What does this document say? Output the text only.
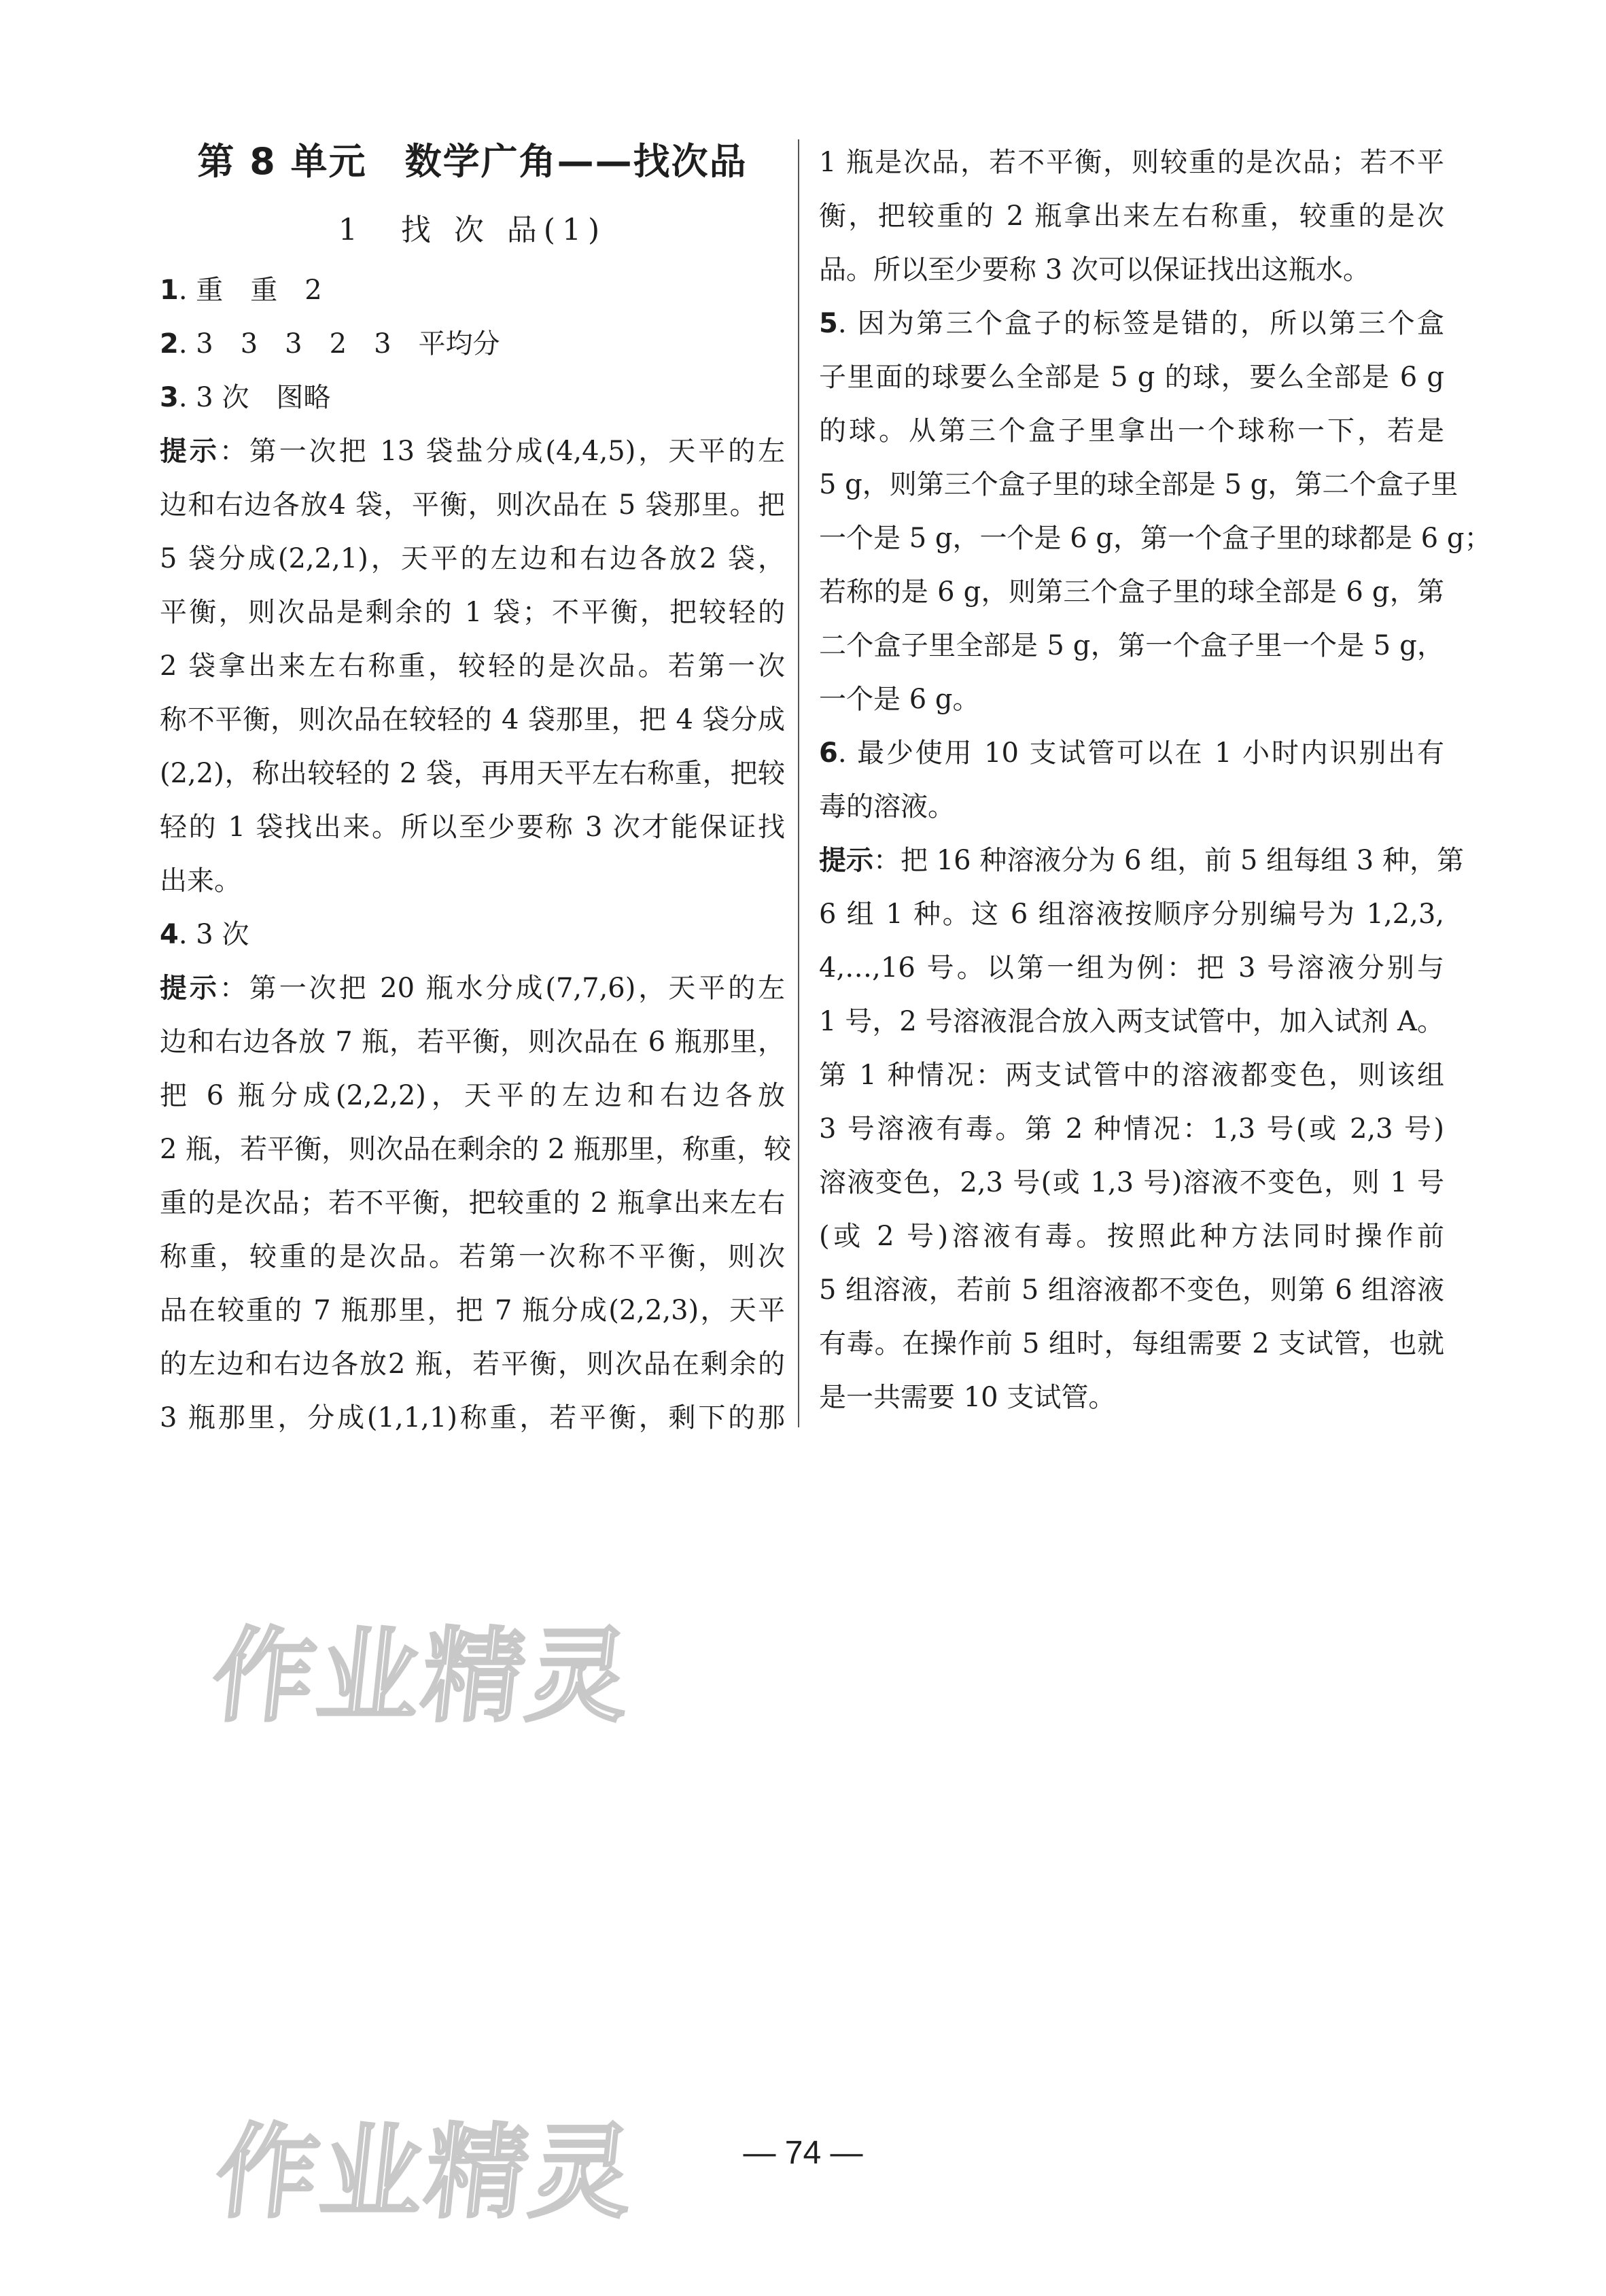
第 8 单元　数学广角——找次品
1　找 次 品(1)
1. 重　重　2
2. 3　3　3　2　3　平均分
3. 3 次　图略
提示：第一次把 13 袋盐分成(4,4,5)，天平的左
边和右边各放4 袋，平衡，则次品在 5 袋那里。把
5 袋分成(2,2,1)，天平的左边和右边各放2 袋，
平衡，则次品是剩余的 1 袋；不平衡，把较轻的
2 袋拿出来左右称重，较轻的是次品。若第一次
称不平衡，则次品在较轻的 4 袋那里，把 4 袋分成
(2,2)，称出较轻的 2 袋，再用天平左右称重，把较
轻的 1 袋找出来。所以至少要称 3 次才能保证找
出来。
4. 3 次
提示：第一次把 20 瓶水分成(7,7,6)，天平的左
边和右边各放 7 瓶，若平衡，则次品在 6 瓶那里，
把 6 瓶分成(2,2,2)，天平的左边和右边各放
2 瓶，若平衡，则次品在剩余的 2 瓶那里，称重，较
重的是次品；若不平衡，把较重的 2 瓶拿出来左右
称重，较重的是次品。若第一次称不平衡，则次
品在较重的 7 瓶那里，把 7 瓶分成(2,2,3)，天平
的左边和右边各放2 瓶，若平衡，则次品在剩余的
3 瓶那里，分成(1,1,1)称重，若平衡，剩下的那
1 瓶是次品，若不平衡，则较重的是次品；若不平
衡，把较重的 2 瓶拿出来左右称重，较重的是次
品。所以至少要称 3 次可以保证找出这瓶水。
5. 因为第三个盒子的标签是错的，所以第三个盒
子里面的球要么全部是 5 g 的球，要么全部是 6 g
的球。从第三个盒子里拿出一个球称一下，若是
5 g，则第三个盒子里的球全部是 5 g，第二个盒子里
一个是 5 g，一个是 6 g，第一个盒子里的球都是 6 g；
若称的是 6 g，则第三个盒子里的球全部是 6 g，第
二个盒子里全部是 5 g，第一个盒子里一个是 5 g，
一个是 6 g。
6. 最少使用 10 支试管可以在 1 小时内识别出有
毒的溶液。
提示：把 16 种溶液分为 6 组，前 5 组每组 3 种，第
6 组 1 种。这 6 组溶液按顺序分别编号为 1,2,3,
4,…,16 号。以第一组为例：把 3 号溶液分别与
1 号，2 号溶液混合放入两支试管中，加入试剂 A。
第 1 种情况：两支试管中的溶液都变色，则该组
3 号溶液有毒。第 2 种情况：1,3 号(或 2,3 号)
溶液变色，2,3 号(或 1,3 号)溶液不变色，则 1 号
(或 2 号)溶液有毒。按照此种方法同时操作前
5 组溶液，若前 5 组溶液都不变色，则第 6 组溶液
有毒。在操作前 5 组时，每组需要 2 支试管，也就
是一共需要 10 支试管。
作业精灵
作业精灵	— 74 —
